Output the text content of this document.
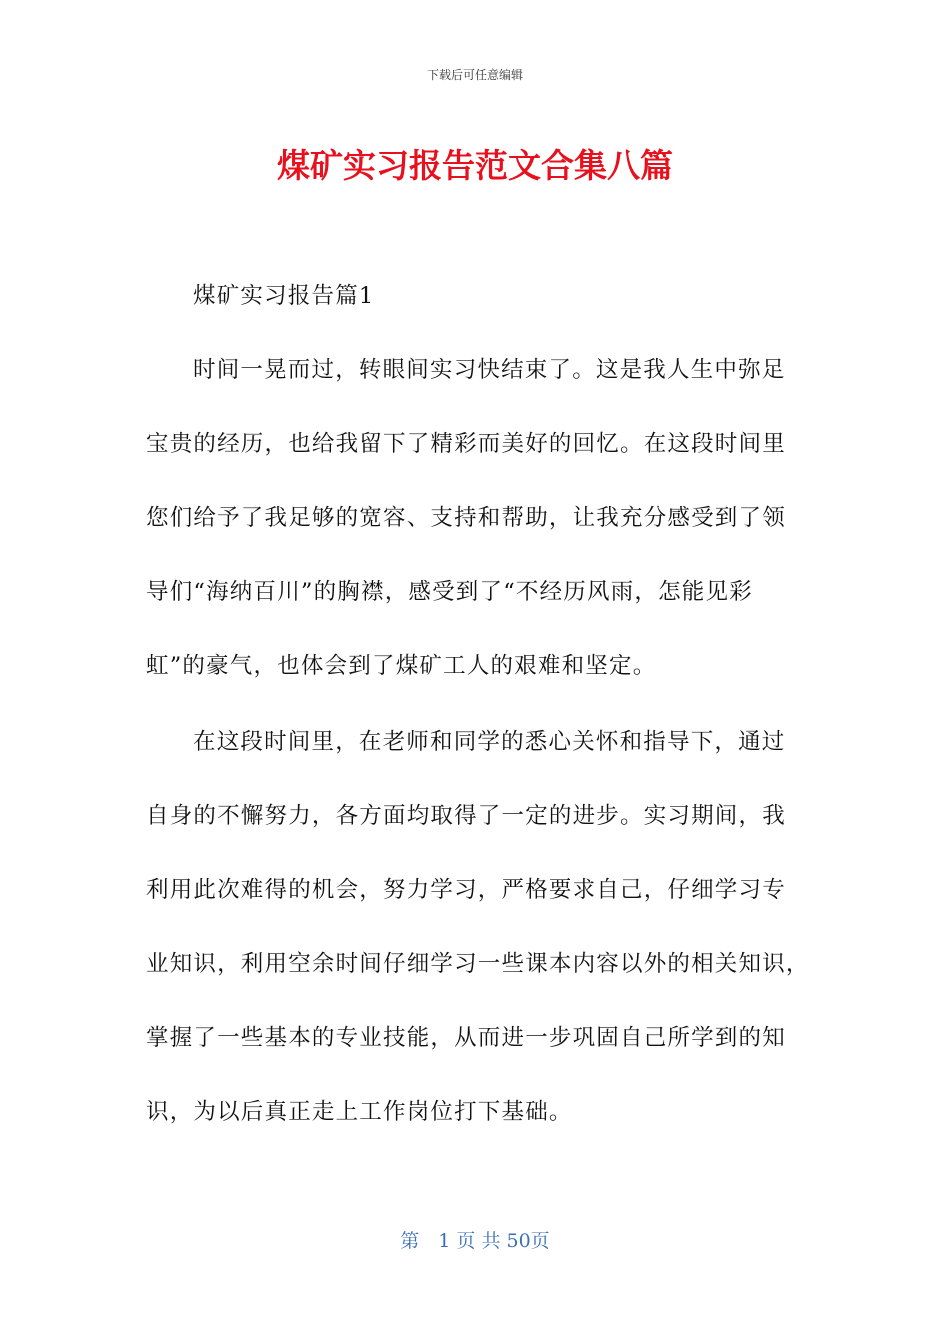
下载后可任意编辑
煤矿实习报告范文合集八篇
煤矿实习报告篇1
时间一晃而过，转眼间实习快结束了。这是我人生中弥足
宝贵的经历，也给我留下了精彩而美好的回忆。在这段时间里
您们给予了我足够的宽容、支持和帮助，让我充分感受到了领
导们“海纳百川”的胸襟，感受到了“不经历风雨，怎能见彩
虹”的豪气，也体会到了煤矿工人的艰难和坚定。
在这段时间里，在老师和同学的悉心关怀和指导下，通过
自身的不懈努力，各方面均取得了一定的进步。实习期间，我
利用此次难得的机会，努力学习，严格要求自己，仔细学习专
业知识，利用空余时间仔细学习一些课本内容以外的相关知识，
掌握了一些基本的专业技能，从而进一步巩固自己所学到的知
识，为以后真正走上工作岗位打下基础。
第　1 页 共 50页
